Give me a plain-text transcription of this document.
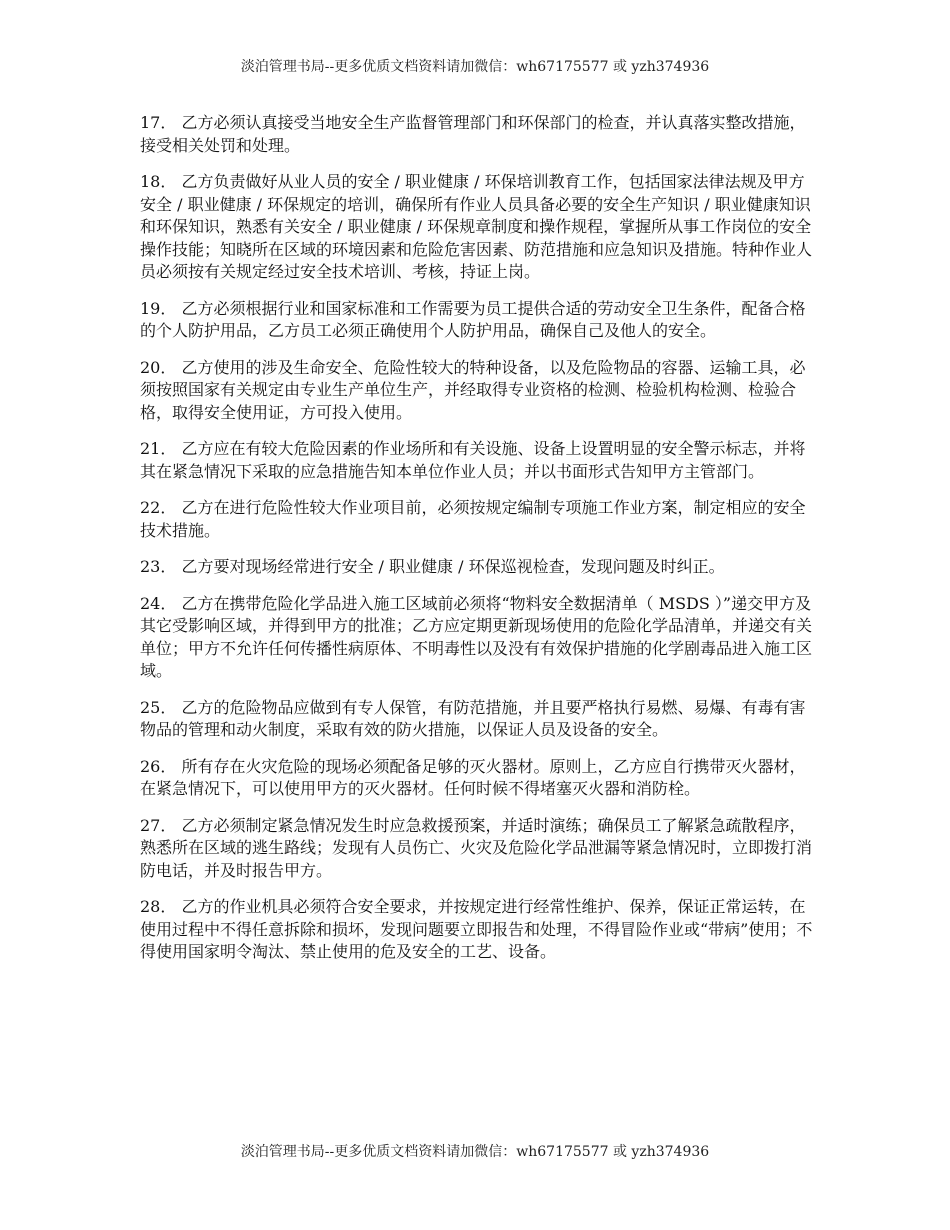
淡泊管理书局--更多优质文档资料请加微信：wh67175577 或 yzh374936

17． 乙方必须认真接受当地安全生产监督管理部门和环保部门的检查，并认真落实整改措施，接受相关处罚和处理。

18． 乙方负责做好从业人员的安全 / 职业健康 / 环保培训教育工作，包括国家法律法规及甲方安全 / 职业健康 / 环保规定的培训，确保所有作业人员具备必要的安全生产知识 / 职业健康知识和环保知识，熟悉有关安全 / 职业健康 / 环保规章制度和操作规程，掌握所从事工作岗位的安全操作技能；知晓所在区域的环境因素和危险危害因素、防范措施和应急知识及措施。特种作业人员必须按有关规定经过安全技术培训、考核，持证上岗。

19． 乙方必须根据行业和国家标准和工作需要为员工提供合适的劳动安全卫生条件，配备合格的个人防护用品，乙方员工必须正确使用个人防护用品，确保自己及他人的安全。

20． 乙方使用的涉及生命安全、危险性较大的特种设备，以及危险物品的容器、运输工具，必须按照国家有关规定由专业生产单位生产，并经取得专业资格的检测、检验机构检测、检验合格，取得安全使用证，方可投入使用。

21． 乙方应在有较大危险因素的作业场所和有关设施、设备上设置明显的安全警示标志，并将其在紧急情况下采取的应急措施告知本单位作业人员；并以书面形式告知甲方主管部门。

22． 乙方在进行危险性较大作业项目前，必须按规定编制专项施工作业方案，制定相应的安全技术措施。

23． 乙方要对现场经常进行安全 / 职业健康 / 环保巡视检查，发现问题及时纠正。

24． 乙方在携带危险化学品进入施工区域前必须将“物料安全数据清单（ MSDS ）”递交甲方及其它受影响区域，并得到甲方的批准；乙方应定期更新现场使用的危险化学品清单，并递交有关单位；甲方不允许任何传播性病原体、不明毒性以及没有有效保护措施的化学剧毒品进入施工区域。

25． 乙方的危险物品应做到有专人保管，有防范措施，并且要严格执行易燃、易爆、有毒有害物品的管理和动火制度，采取有效的防火措施，以保证人员及设备的安全。

26． 所有存在火灾危险的现场必须配备足够的灭火器材。原则上，乙方应自行携带灭火器材，在紧急情况下，可以使用甲方的灭火器材。任何时候不得堵塞灭火器和消防栓。

27． 乙方必须制定紧急情况发生时应急救援预案，并适时演练；确保员工了解紧急疏散程序，熟悉所在区域的逃生路线；发现有人员伤亡、火灾及危险化学品泄漏等紧急情况时，立即拨打消防电话，并及时报告甲方。

28． 乙方的作业机具必须符合安全要求，并按规定进行经常性维护、保养，保证正常运转，在使用过程中不得任意拆除和损坏，发现问题要立即报告和处理，不得冒险作业或“带病”使用；不得使用国家明令淘汰、禁止使用的危及安全的工艺、设备。

淡泊管理书局--更多优质文档资料请加微信：wh67175577 或 yzh374936
